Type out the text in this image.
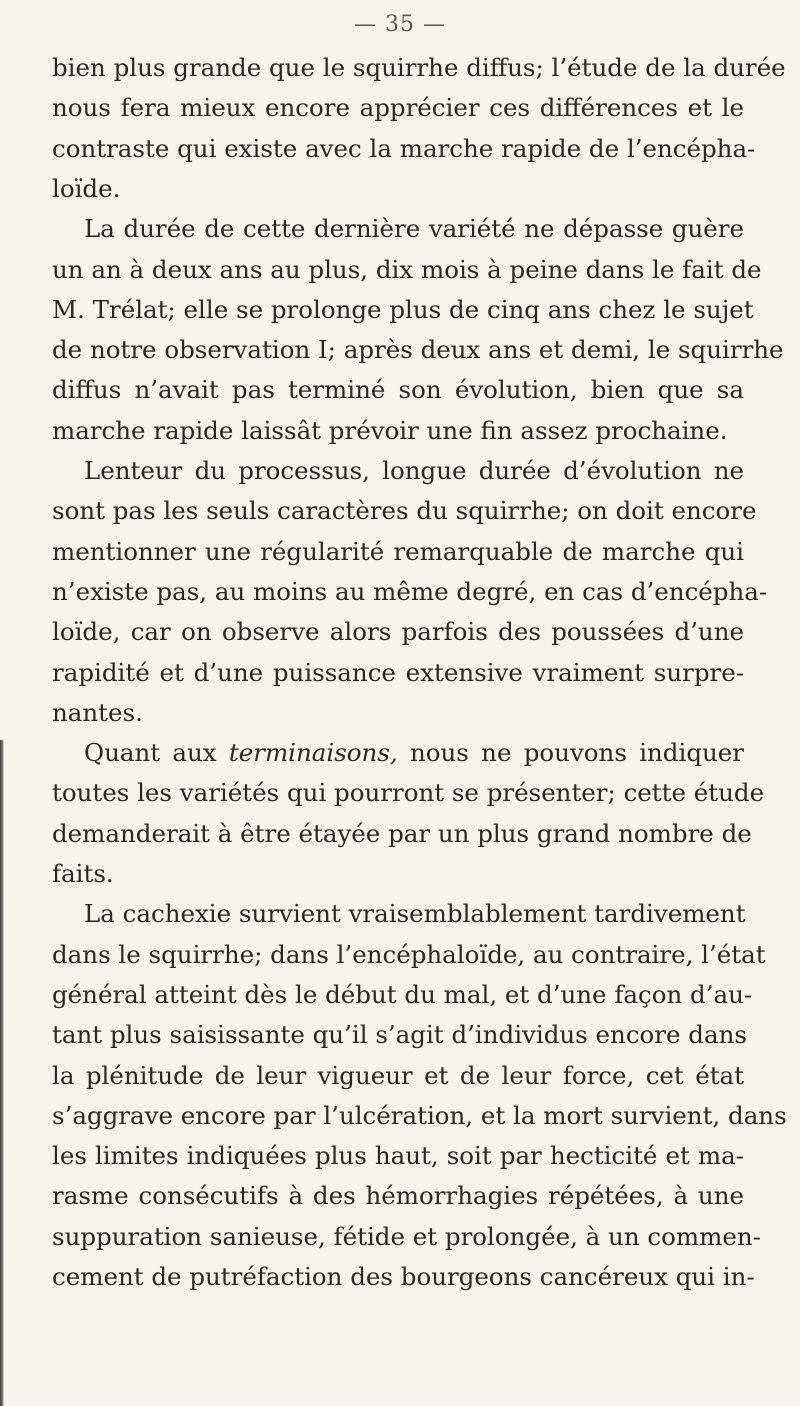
— 35 —
bien plus grande que le squirrhe diffus; l’étude de la durée
nous fera mieux encore apprécier ces différences et le
contraste qui existe avec la marche rapide de l’encépha-
loïde.
La durée de cette dernière variété ne dépasse guère
un an à deux ans au plus, dix mois à peine dans le fait de
M. Trélat; elle se prolonge plus de cinq ans chez le sujet
de notre observation I; après deux ans et demi, le squirrhe
diffus n’avait pas terminé son évolution, bien que sa
marche rapide laissât prévoir une fin assez prochaine.
Lenteur du processus, longue durée d’évolution ne
sont pas les seuls caractères du squirrhe; on doit encore
mentionner une régularité remarquable de marche qui
n’existe pas, au moins au même degré, en cas d’encépha-
loïde, car on observe alors parfois des poussées d’une
rapidité et d’une puissance extensive vraiment surpre-
nantes.
Quant aux terminaisons, nous ne pouvons indiquer
toutes les variétés qui pourront se présenter; cette étude
demanderait à être étayée par un plus grand nombre de
faits.
La cachexie survient vraisemblablement tardivement
dans le squirrhe; dans l’encéphaloïde, au contraire, l’état
général atteint dès le début du mal, et d’une façon d’au-
tant plus saisissante qu’il s’agit d’individus encore dans
la plénitude de leur vigueur et de leur force, cet état
s’aggrave encore par l’ulcération, et la mort survient, dans
les limites indiquées plus haut, soit par hecticité et ma-
rasme consécutifs à des hémorrhagies répétées, à une
suppuration sanieuse, fétide et prolongée, à un commen-
cement de putréfaction des bourgeons cancéreux qui in-
